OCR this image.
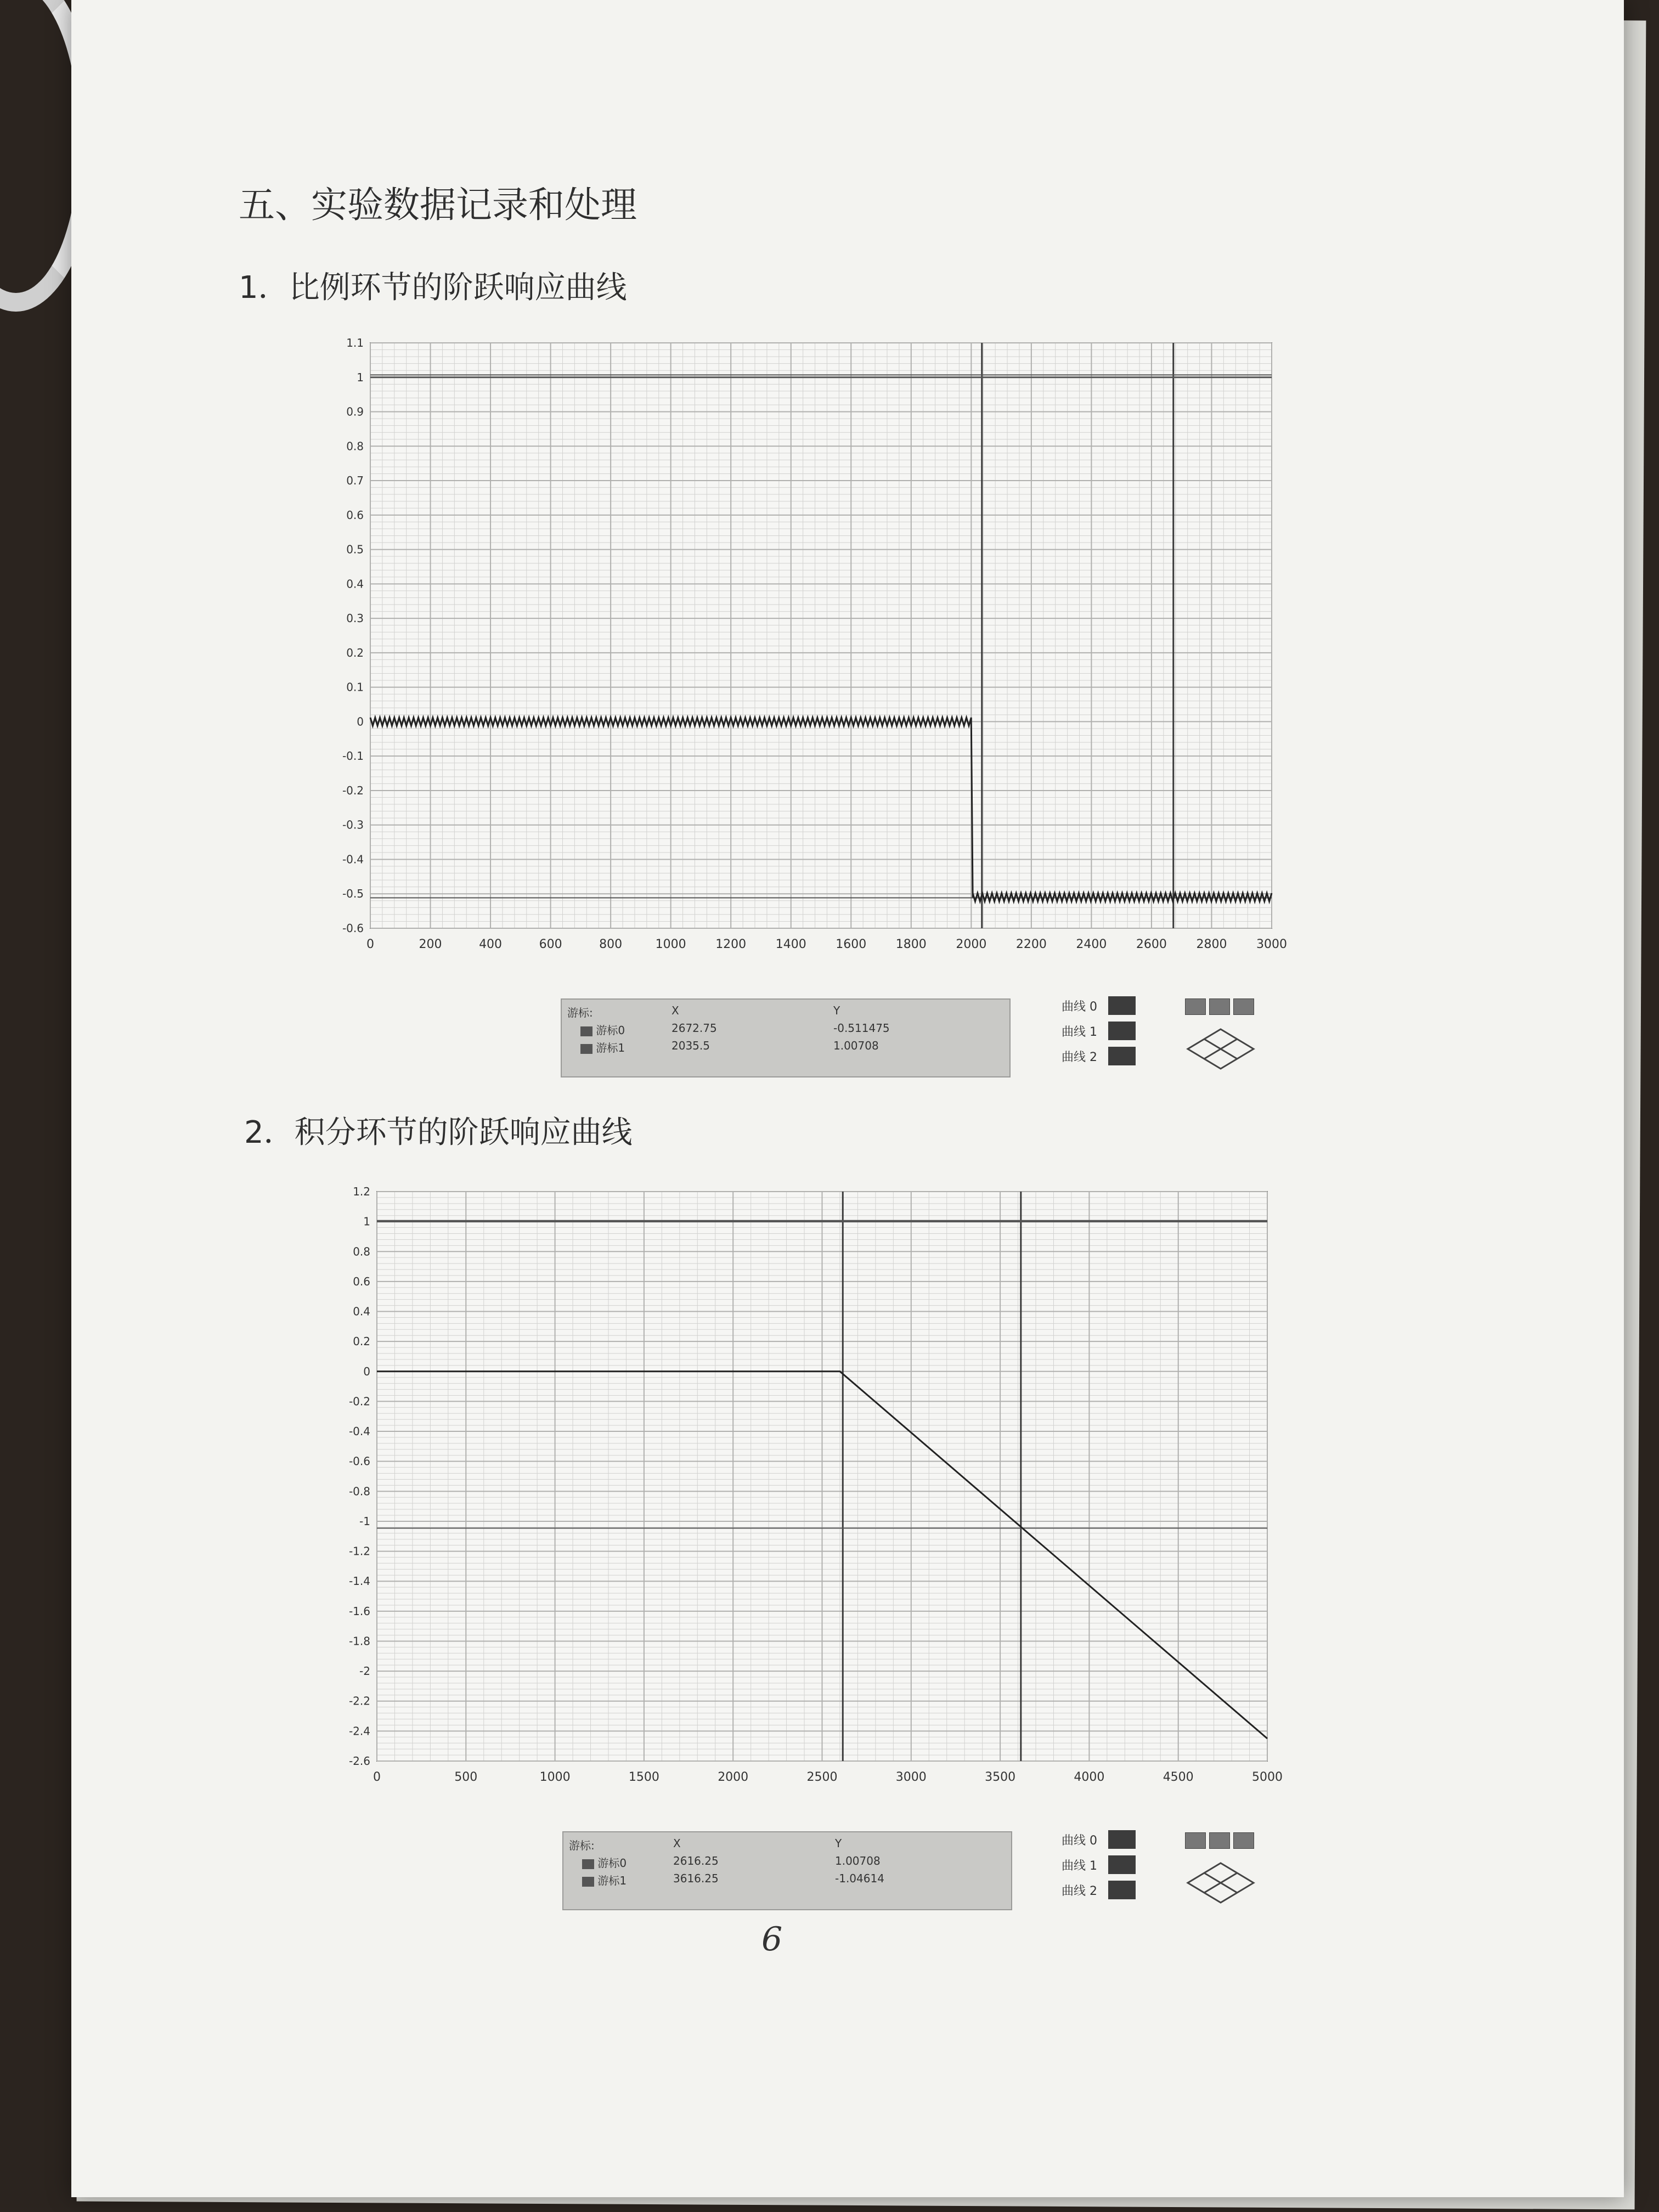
五、实验数据记录和处理
1．比例环节的阶跃响应曲线
2．积分环节的阶跃响应曲线
0	200	400	600	800	1000 1200 1400 1600 1800 2000 2200 2400 2600 2800 3000
1.1
1
0.9
0.8
0.7
0.6
0.5
0.4
0.3
0.2
0.1
0
-0.1
-0.2
-0.3
-0.4
-0.5
-0.6
游标:	X	Y
游标0	2672.75	-0.511475
游标1	2035.5	1.00708
曲线 0
曲线 1
曲线 2
0	500	1000	1500	2000	2500	3000	3500	4000	4500	5000
1.2
1
0.8
0.6
0.4
0.2
0
-0.2
-0.4
-0.6
-0.8
-1
-1.2
-1.4
-1.6
-1.8
-2
-2.2
-2.4
-2.6
游标:	X	Y
游标0	2616.25	1.00708
游标1	3616.25	-1.04614
曲线 0
曲线 1
曲线 2
6
